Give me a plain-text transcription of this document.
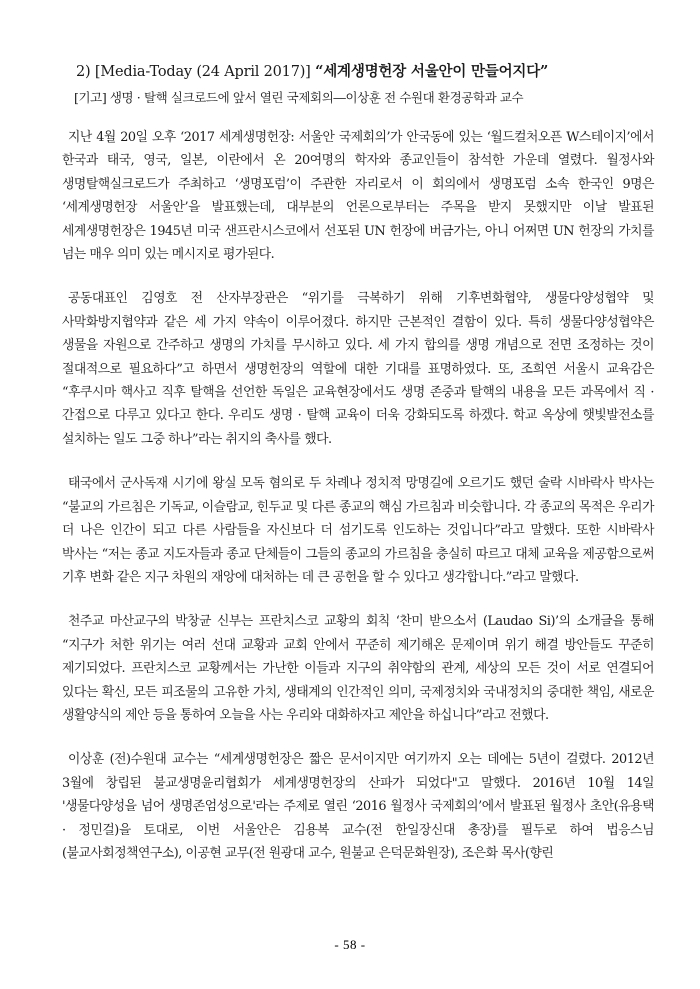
2) [Media-Today (24 April 2017)] “세계생명헌장 서울안이 만들어지다”
[기고] 생명 · 탈핵 실크로드에 앞서 열린 국제회의―이상훈 전 수원대 환경공학과 교수

지난 4월 20일 오후 ‘2017 세계생명헌장: 서울안 국제회의’가 안국동에 있는 ‘월드컬처오픈 W스테이지’에서 한국과 태국, 영국, 일본, 이란에서 온 20여명의 학자와 종교인들이 참석한 가운데 열렸다. 월정사와 생명탈핵실크로드가 주최하고 ‘생명포럼’이 주관한 자리로서 이 회의에서 생명포럼 소속 한국인 9명은 ‘세계생명헌장 서울안’을 발표했는데, 대부분의 언론으로부터는 주목을 받지 못했지만 이날 발표된 세계생명헌장은 1945년 미국 샌프란시스코에서 선포된 UN 헌장에 버금가는, 아니 어쩌면 UN 헌장의 가치를 넘는 매우 의미 있는 메시지로 평가된다.

공동대표인 김영호 전 산자부장관은 “위기를 극복하기 위해 기후변화협약, 생물다양성협약 및 사막화방지협약과 같은 세 가지 약속이 이루어졌다. 하지만 근본적인 결함이 있다. 특히 생물다양성협약은 생물을 자원으로 간주하고 생명의 가치를 무시하고 있다. 세 가지 합의를 생명 개념으로 전면 조정하는 것이 절대적으로 필요하다”고 하면서 생명헌장의 역할에 대한 기대를 표명하였다. 또, 조희연 서울시 교육감은 “후쿠시마 핵사고 직후 탈핵을 선언한 독일은 교육현장에서도 생명 존중과 탈핵의 내용을 모든 과목에서 직 · 간접으로 다루고 있다고 한다. 우리도 생명 · 탈핵 교육이 더욱 강화되도록 하겠다. 학교 옥상에 햇빛발전소를 설치하는 일도 그중 하나”라는 취지의 축사를 했다.

태국에서 군사독재 시기에 왕실 모독 혐의로 두 차례나 정치적 망명길에 오르기도 했던 술락 시바락사 박사는 “불교의 가르침은 기독교, 이슬람교, 힌두교 및 다른 종교의 핵심 가르침과 비슷합니다. 각 종교의 목적은 우리가 더 나은 인간이 되고 다른 사람들을 자신보다 더 섬기도록 인도하는 것입니다”라고 말했다. 또한 시바락사 박사는 “저는 종교 지도자들과 종교 단체들이 그들의 종교의 가르침을 충실히 따르고 대체 교육을 제공함으로써 기후 변화 같은 지구 차원의 재앙에 대처하는 데 큰 공헌을 할 수 있다고 생각합니다.”라고 말했다.

천주교 마산교구의 박창균 신부는 프란치스코 교황의 회칙 ‘찬미 받으소서 (Laudao Si)’의 소개글을 통해 “지구가 처한 위기는 여러 선대 교황과 교회 안에서 꾸준히 제기해온 문제이며 위기 해결 방안들도 꾸준히 제기되었다. 프란치스코 교황께서는 가난한 이들과 지구의 취약함의 관계, 세상의 모든 것이 서로 연결되어 있다는 확신, 모든 피조물의 고유한 가치, 생태계의 인간적인 의미, 국제정치와 국내정치의 중대한 책임, 새로운 생활양식의 제안 등을 통하여 오늘을 사는 우리와 대화하자고 제안을 하십니다”라고 전했다.

이상훈 (전)수원대 교수는 “세계생명헌장은 짧은 문서이지만 여기까지 오는 데에는 5년이 걸렸다. 2012년 3월에 창립된 불교생명윤리협회가 세계생명헌장의 산파가 되었다"고 말했다. 2016년 10월 14일 '생물다양성을 넘어 생명존엄성으로'라는 주제로 열린 ‘2016 월정사 국제회의’에서 발표된 월정사 초안(유용택 · 정민걸)을 토대로, 이번 서울안은 김용복 교수(전 한일장신대 총장)를 필두로 하여 법응스님(불교사회정책연구소), 이공현 교무(전 원광대 교수, 원불교 은덕문화원장), 조은화 목사(향린

- 58 -
